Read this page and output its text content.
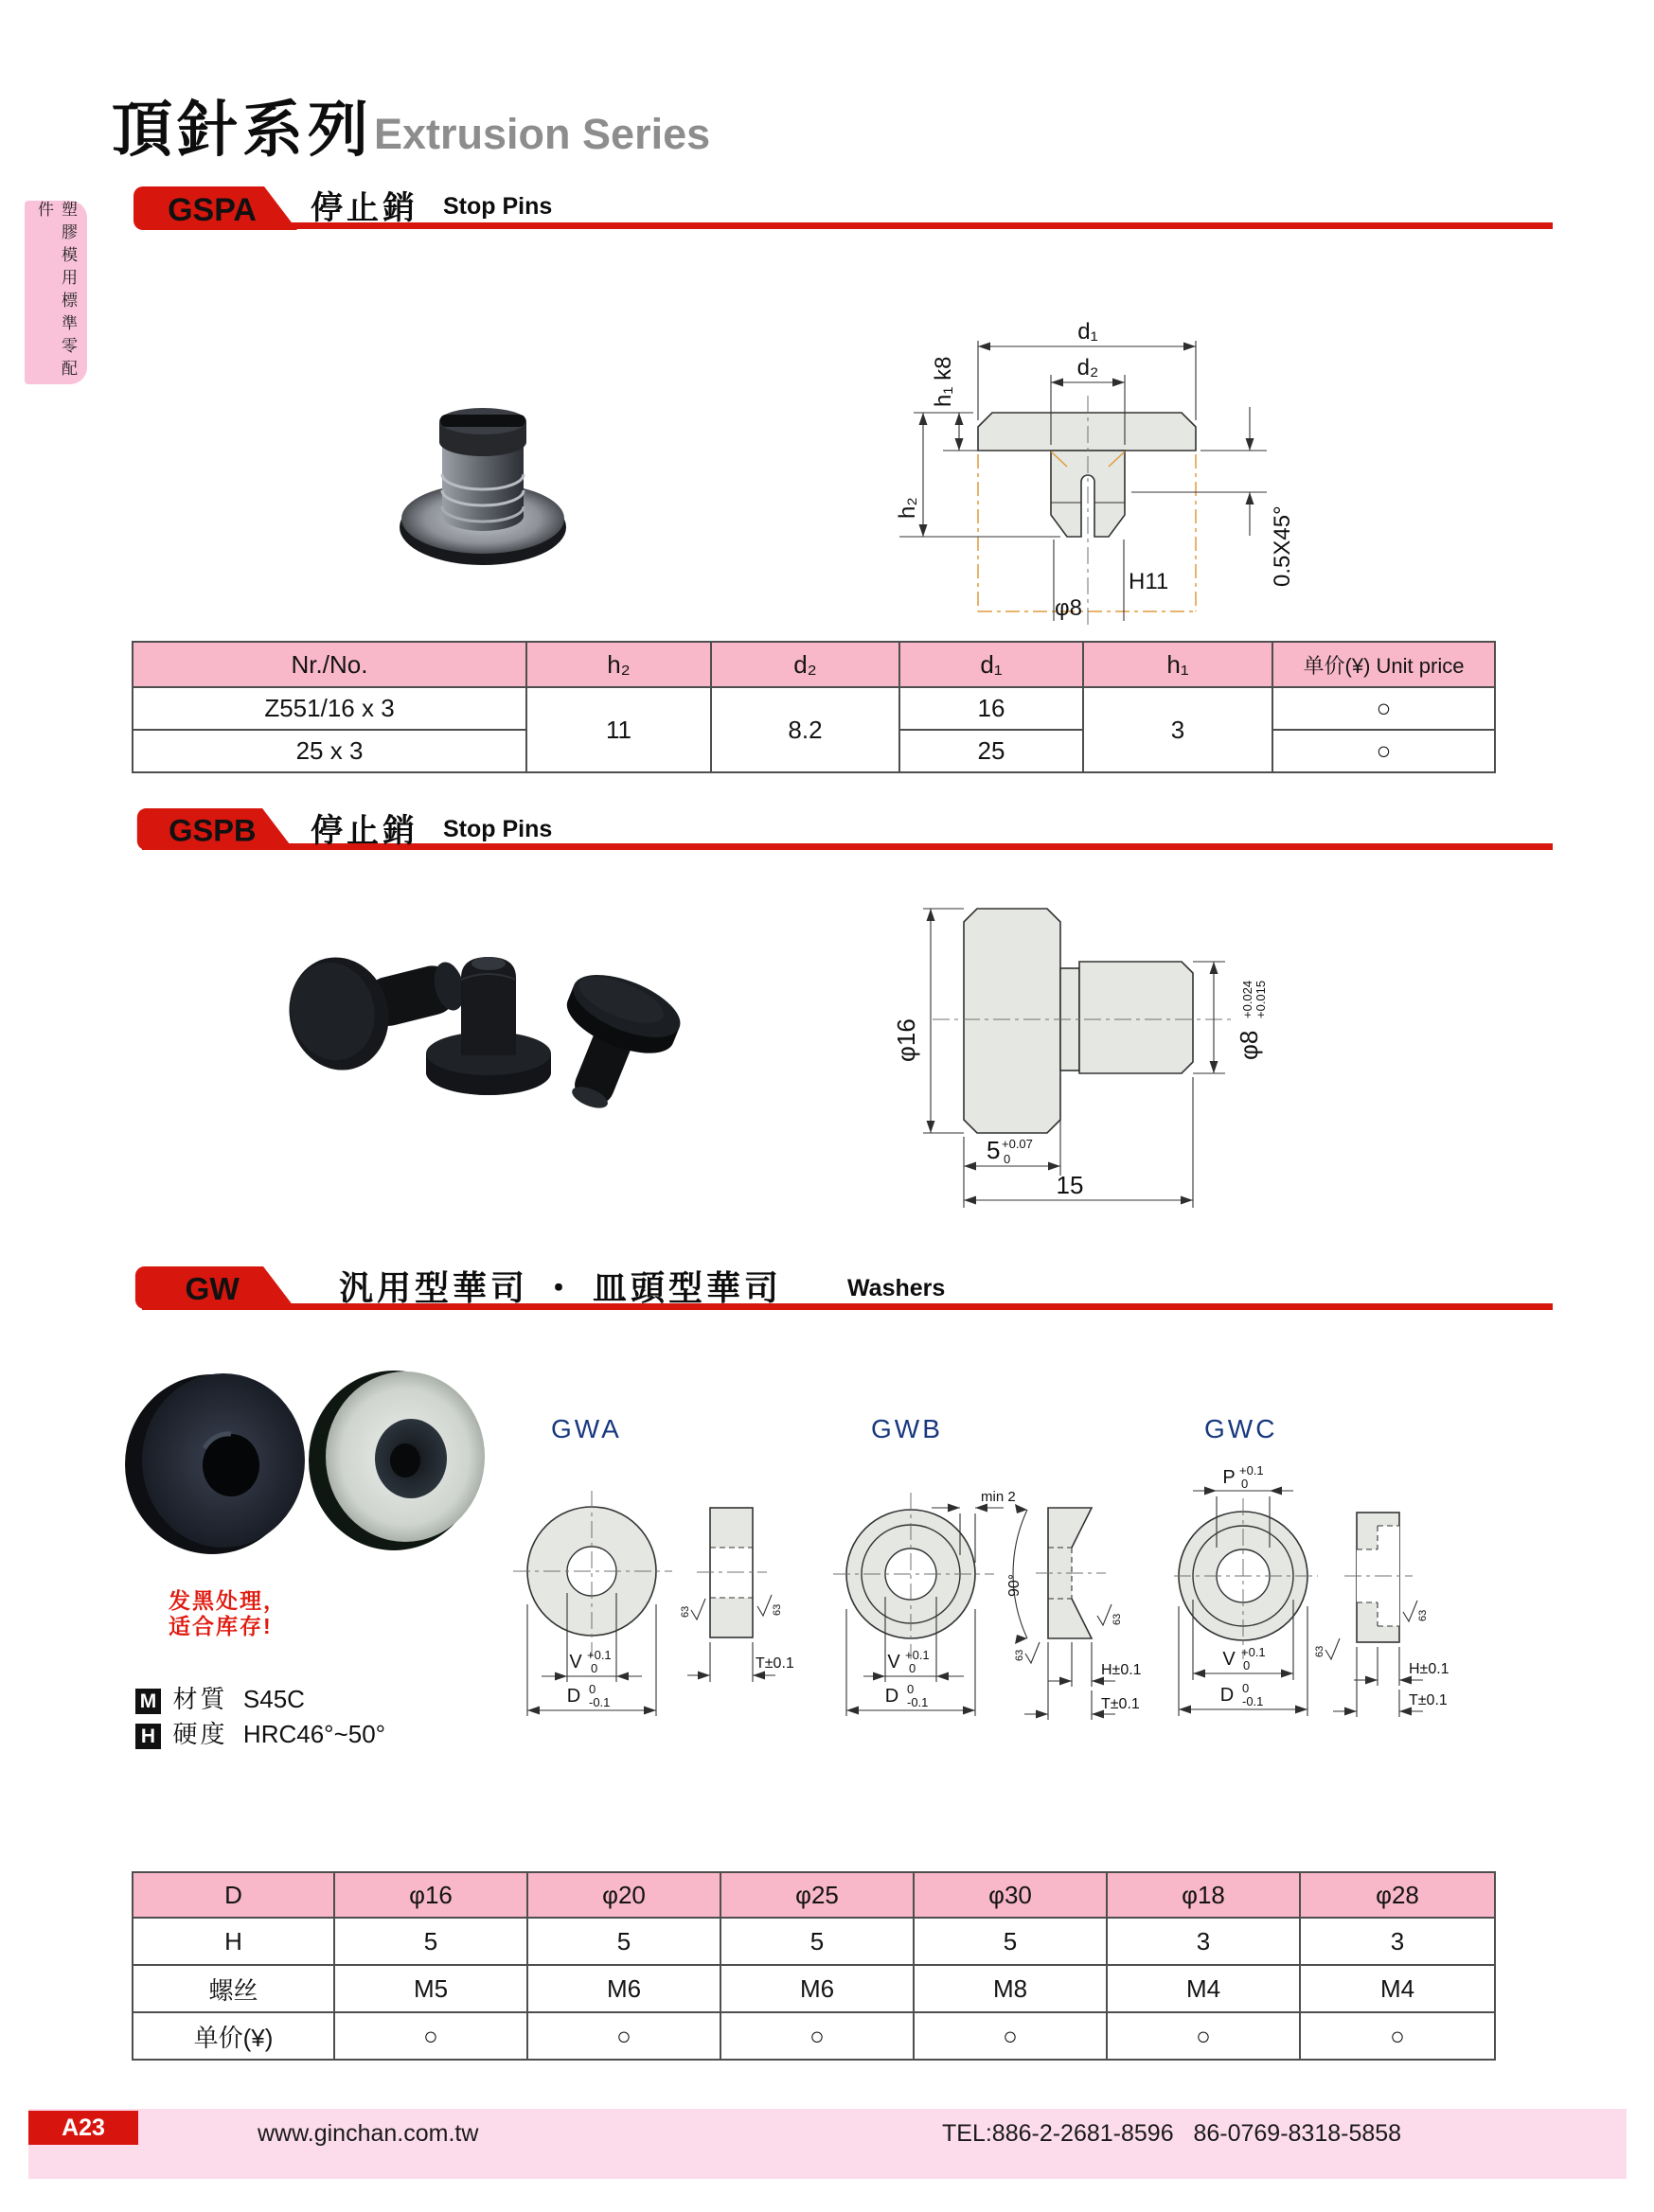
塑膠模用標準零配件
頂針系列 Extrusion Series
GSPA 停止銷 Stop Pins
d₁
d₂
h₁ k8
h₂	0.5X45°
H11
φ8
Nr./No.	h₂	d₂	d₁	h₁	单价(¥) Unit price
Z551/16 x 3	11	8.2	16	3	○
25 x 3			25		○
GSPB 停止銷 Stop Pins
φ16	φ8
+0.024 +0.015
5 +0.07
0
15
GW	汎用型華司 ・ 皿頭型華司	Washers
发黑处理，
适合库存!
M 材質 S45C
H 硬度 HRC46°~50°
GWA	GWB	GWC
63	63
V +0.1
0
D 0
-0.1
T±0.1
63
63
min 2
90°
V +0.1
0
D 0
-0.1
H±0.1
T±0.1
63
63
P +0.1
0
V +0.1
0
D 0
-0.1
H±0.1
T±0.1
D	φ16	φ20	φ25	φ30	φ18	φ28
H	5	5	5	5	3	3
螺丝	M5	M6	M6	M8	M4	M4
单价(¥)	○	○	○	○	○	○
A23	www.ginchan.com.tw	TEL:886-2-2681-8596   86-0769-8318-5858
